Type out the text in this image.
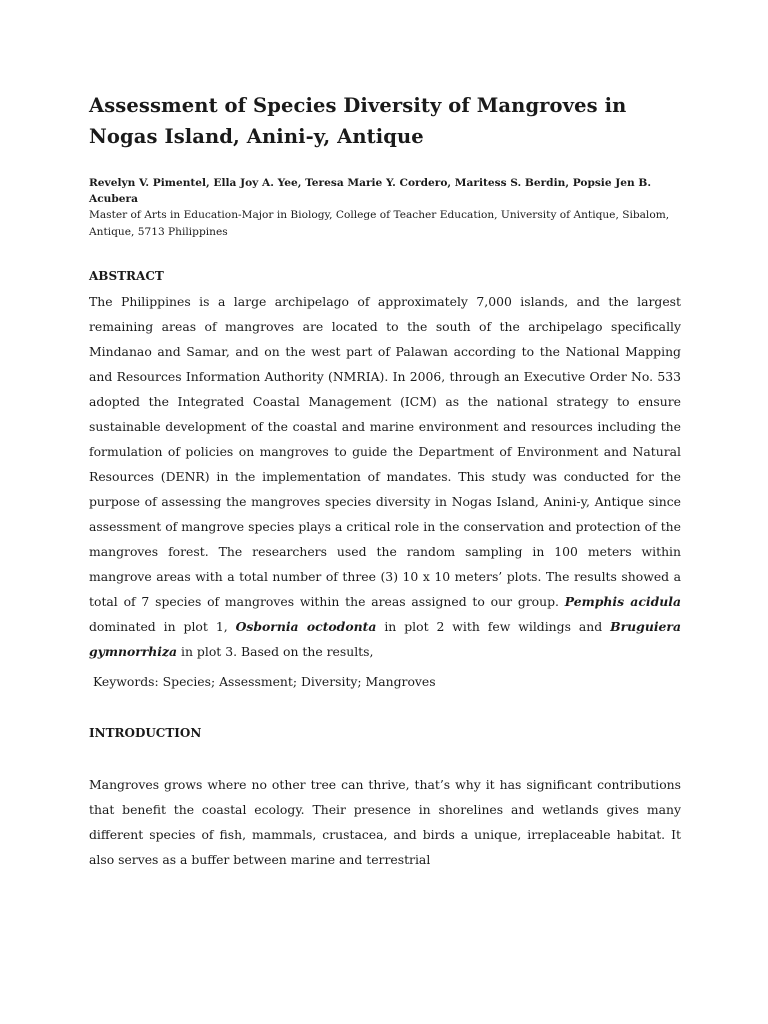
Assessment of Species Diversity of Mangroves in Nogas Island, Anini-y, Antique

Revelyn V. Pimentel, Ella Joy A. Yee, Teresa Marie Y. Cordero, Maritess S. Berdin, Popsie Jen B. Acubera

Master of Arts in Education-Major in Biology, College of Teacher Education, University of Antique, Sibalom, Antique, 5713 Philippines

ABSTRACT

The Philippines is a large archipelago of approximately 7,000 islands, and the largest remaining areas of mangroves are located to the south of the archipelago specifically Mindanao and Samar, and on the west part of Palawan according to the National Mapping and Resources Information Authority (NMRIA). In 2006, through an Executive Order No. 533 adopted the Integrated Coastal Management (ICM) as the national strategy to ensure sustainable development of the coastal and marine environment and resources including the formulation of policies on mangroves to guide the Department of Environment and Natural Resources (DENR) in the implementation of mandates. This study was conducted for the purpose of assessing the mangroves species diversity in Nogas Island, Anini-y, Antique since assessment of mangrove species plays a critical role in the conservation and protection of the mangroves forest. The researchers used the random sampling in 100 meters within mangrove areas with a total number of three (3) 10 x 10 meters’ plots. The results showed a total of 7 species of mangroves within the areas assigned to our group. Pemphis acidula dominated in plot 1, Osbornia octodonta in plot 2 with few wildings and Bruguiera gymnorrhiza in plot 3. Based on the results,

Keywords: Species; Assessment; Diversity; Mangroves

INTRODUCTION

Mangroves grows where no other tree can thrive, that’s why it has significant contributions that benefit the coastal ecology. Their presence in shorelines and wetlands gives many different species of fish, mammals, crustacea, and birds a unique, irreplaceable habitat. It also serves as a buffer between marine and terrestrial
